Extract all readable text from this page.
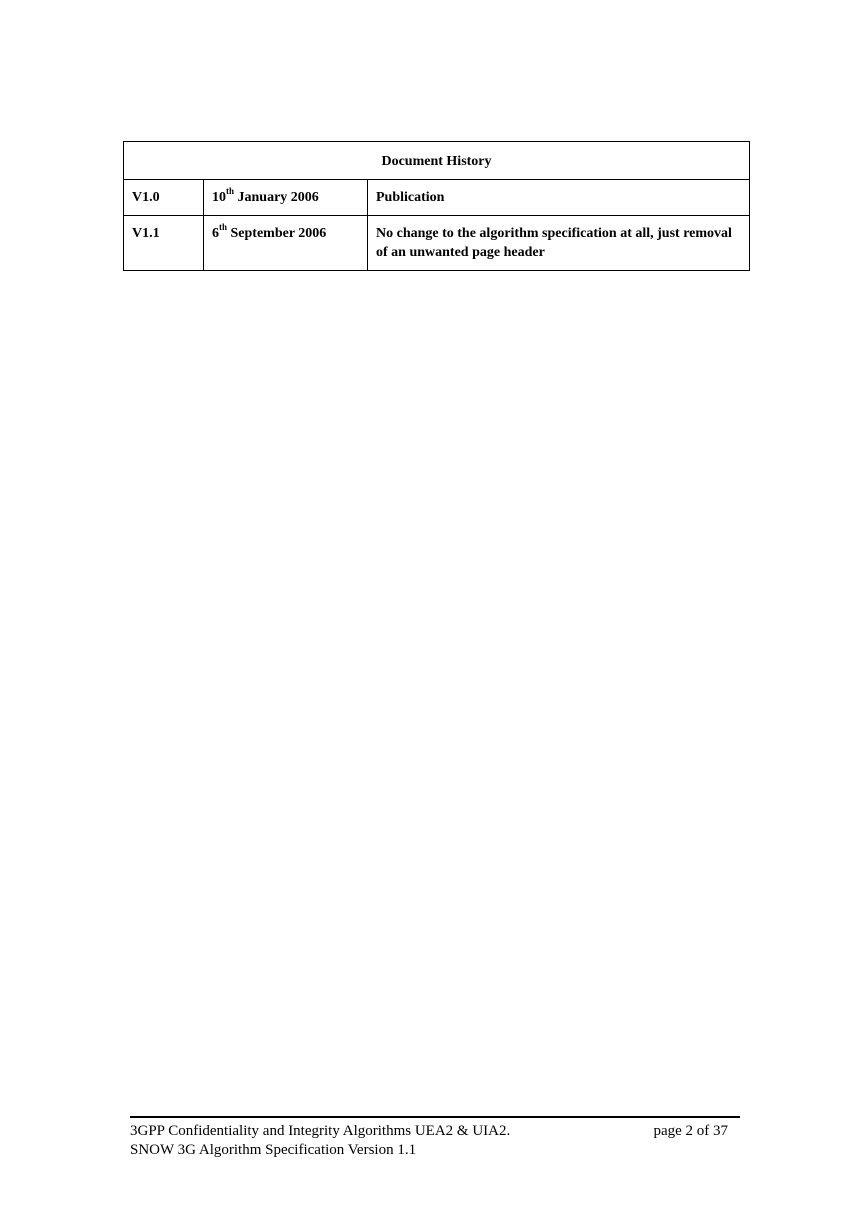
Document History		
V1.0	10th January 2006	Publication
V1.1	6th September 2006	No change to the algorithm specification at all, just removal of an unwanted page header
3GPP Confidentiality and Integrity Algorithms UEA2 & UIA2.	page 2 of 37
SNOW 3G Algorithm Specification Version 1.1
